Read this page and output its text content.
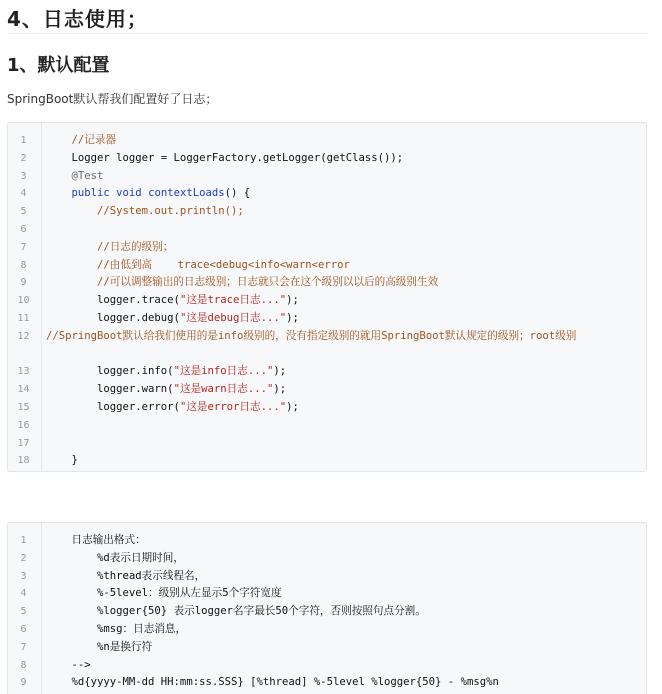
4、日志使用；
1、默认配置

SpringBoot默认帮我们配置好了日志；

1	//记录器
2	Logger logger = LoggerFactory.getLogger(getClass());
3	@Test
4	public void contextLoads() {
5	//System.out.println();
6
7	//日志的级别；
8	//由低到高    trace<debug<info<warn<error
9	//可以调整输出的日志级别；日志就只会在这个级别以以后的高级别生效
10	logger.trace("这是trace日志...");
11	logger.debug("这是debug日志...");
12	//SpringBoot默认给我们使用的是info级别的，没有指定级别的就用SpringBoot默认规定的级别；root级别
13	logger.info("这是info日志...");
14	logger.warn("这是warn日志...");
15	logger.error("这是error日志...");
16
17
18	}
1	日志输出格式：
2	%d表示日期时间，
3	%thread表示线程名，
4	%-5level：级别从左显示5个字符宽度
5	%logger{50} 表示logger名字最长50个字符，否则按照句点分割。
6	%msg：日志消息，
7	%n是换行符
8	-->
9	%d{yyyy-MM-dd HH:mm:ss.SSS} [%thread] %-5level %logger{50} - %msg%n
